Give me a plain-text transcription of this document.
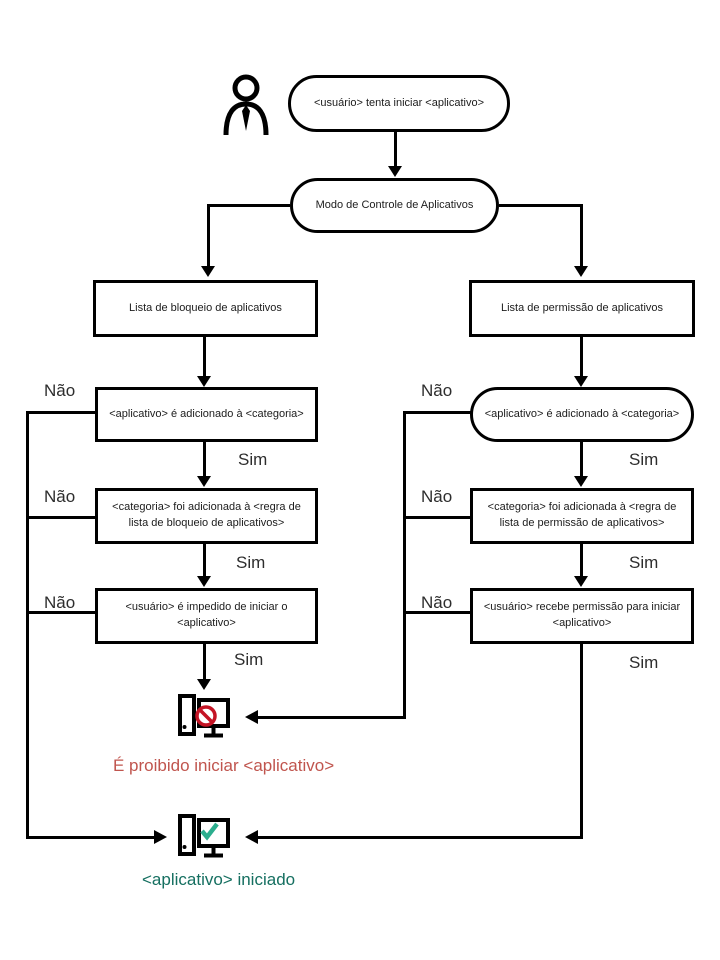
<usuário> tenta iniciar <aplicativo>
Modo de Controle de Aplicativos
Lista de bloqueio de aplicativos	Lista de permissão de aplicativos
<aplicativo> é adicionado à <categoria>
<categoria> foi adicionada à <regra de lista de bloqueio de aplicativos>
<usuário> é impedido de iniciar o <aplicativo>
<aplicativo> é adicionado à <categoria>
<categoria> foi adicionada à <regra de lista de permissão de aplicativos>
<usuário> recebe permissão para iniciar <aplicativo>
Não
Não
Não
Não
Não
Não
Sim
Sim
Sim
Sim
Sim
Sim
É proibido iniciar <aplicativo>
<aplicativo> iniciado
